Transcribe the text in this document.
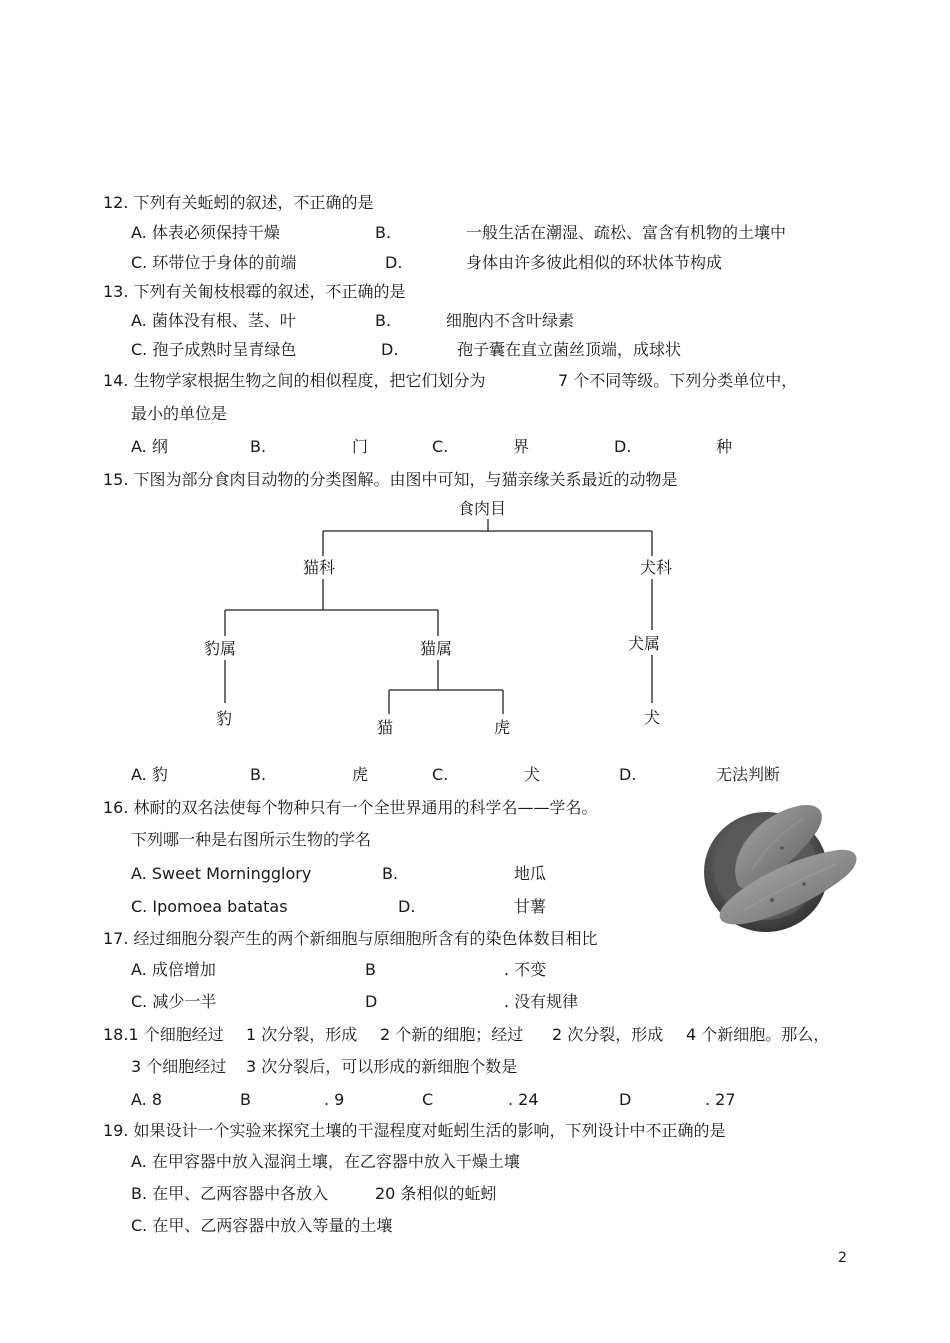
12. 下列有关蚯蚓的叙述，不正确的是
A. 体表必须保持干燥	B.	一般生活在潮湿、疏松、富含有机物的土壤中
C. 环带位于身体的前端	D.	身体由许多彼此相似的环状体节构成
13. 下列有关匍枝根霉的叙述，不正确的是
A. 菌体没有根、茎、叶	B.	细胞内不含叶绿素
C. 孢子成熟时呈青绿色	D.	孢子囊在直立菌丝顶端，成球状
14. 生物学家根据生物之间的相似程度，把它们划分为	7 个不同等级。下列分类单位中，
最小的单位是
A. 纲	B.	门	C.	界	D.	种
15. 下图为部分食肉目动物的分类图解。由图中可知，与猫亲缘关系最近的动物是
食肉目
猫科	犬科
豹属	猫属	犬属
豹	猫	虎
犬
A. 豹	B.	虎	C.	犬	D.	无法判断
16. 林耐的双名法使每个物种只有一个全世界通用的科学名——学名。
下列哪一种是右图所示生物的学名
A. Sweet Morningglory	B.	地瓜
C. Ipomoea batatas	D.	甘薯
17. 经过细胞分裂产生的两个新细胞与原细胞所含有的染色体数目相比
A. 成倍增加	B	. 不变
C. 减少一半	D	. 没有规律
18.1 个细胞经过 1 次分裂，形成 2 个新的细胞；经过 2 次分裂，形成 4 个新细胞。那么，
3 个细胞经过 3 次分裂后，可以形成的新细胞个数是
A. 8	B	. 9	C	. 24	D	. 27
19. 如果设计一个实验来探究土壤的干湿程度对蚯蚓生活的影响，下列设计中不正确的是
A. 在甲容器中放入湿润土壤，在乙容器中放入干燥土壤
B. 在甲、乙两容器中各放入	20 条相似的蚯蚓
C. 在甲、乙两容器中放入等量的土壤
2
